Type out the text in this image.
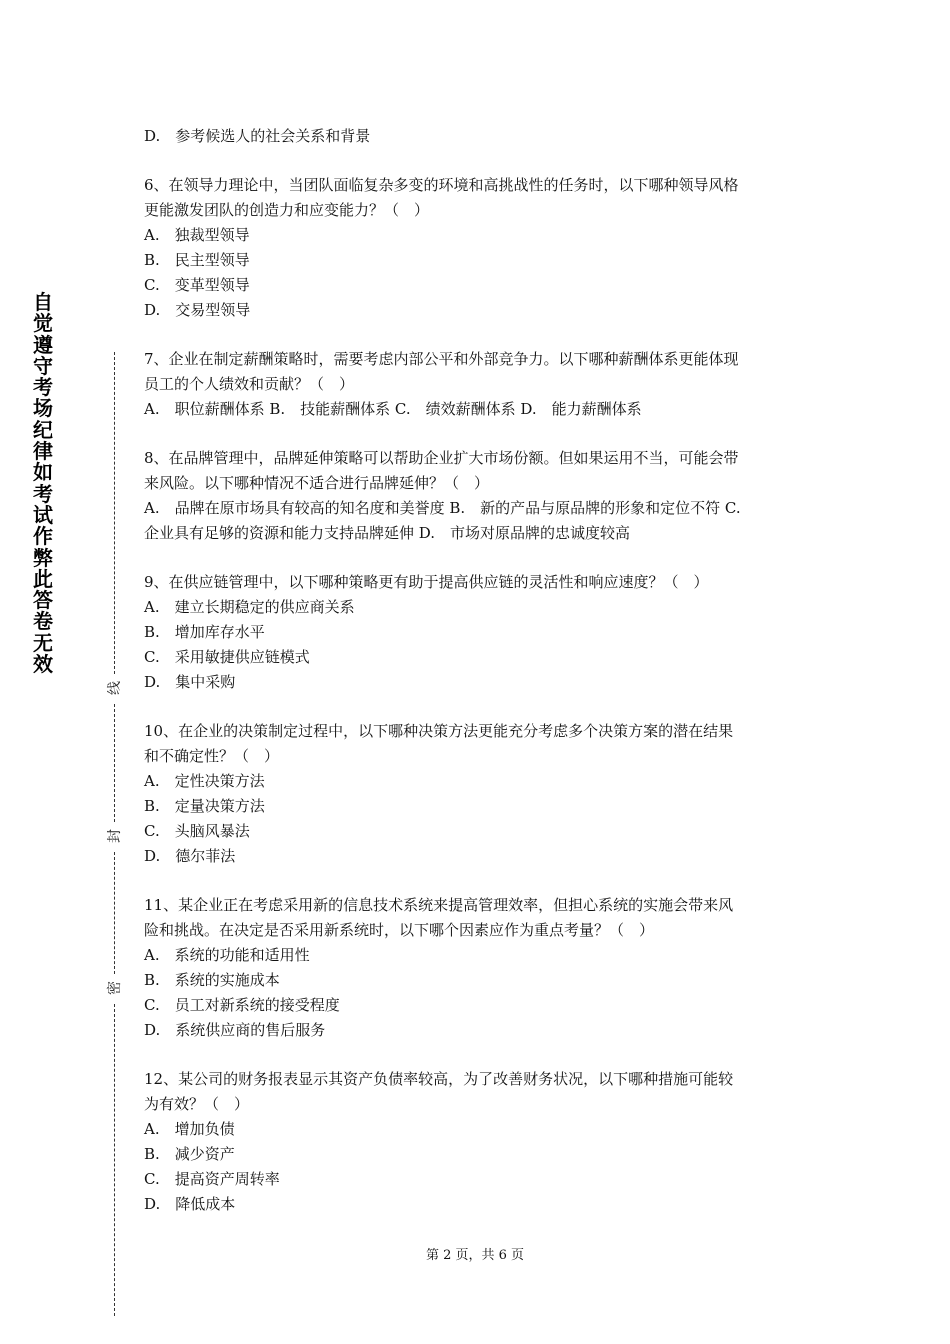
自
觉
遵
守
考
场
纪
律
如
考
试
作
弊
此
答
卷
无
效
线
封
密

D.　参考候选人的社会关系和背景

6、在领导力理论中，当团队面临复杂多变的环境和高挑战性的任务时，以下哪种领导风格

更能激发团队的创造力和应变能力？（　）

A.　独裁型领导

B.　民主型领导

C.　变革型领导

D.　交易型领导

7、企业在制定薪酬策略时，需要考虑内部公平和外部竞争力。以下哪种薪酬体系更能体现

员工的个人绩效和贡献？（　）

A.　职位薪酬体系 B.　技能薪酬体系 C.　绩效薪酬体系 D.　能力薪酬体系

8、在品牌管理中，品牌延伸策略可以帮助企业扩大市场份额。但如果运用不当，可能会带

来风险。以下哪种情况不适合进行品牌延伸？（　）

A.　品牌在原市场具有较高的知名度和美誉度 B.　新的产品与原品牌的形象和定位不符 C.

企业具有足够的资源和能力支持品牌延伸 D.　市场对原品牌的忠诚度较高

9、在供应链管理中，以下哪种策略更有助于提高供应链的灵活性和响应速度？（　）

A.　建立长期稳定的供应商关系

B.　增加库存水平

C.　采用敏捷供应链模式

D.　集中采购

10、在企业的决策制定过程中，以下哪种决策方法更能充分考虑多个决策方案的潜在结果

和不确定性？（　）

A.　定性决策方法

B.　定量决策方法

C.　头脑风暴法

D.　德尔菲法

11、某企业正在考虑采用新的信息技术系统来提高管理效率，但担心系统的实施会带来风

险和挑战。在决定是否采用新系统时，以下哪个因素应作为重点考量？（　）

A.　系统的功能和适用性

B.　系统的实施成本

C.　员工对新系统的接受程度

D.　系统供应商的售后服务

12、某公司的财务报表显示其资产负债率较高，为了改善财务状况，以下哪种措施可能较

为有效？（　）

A.　增加负债

B.　减少资产

C.　提高资产周转率

D.　降低成本

第 2 页，共 6 页
